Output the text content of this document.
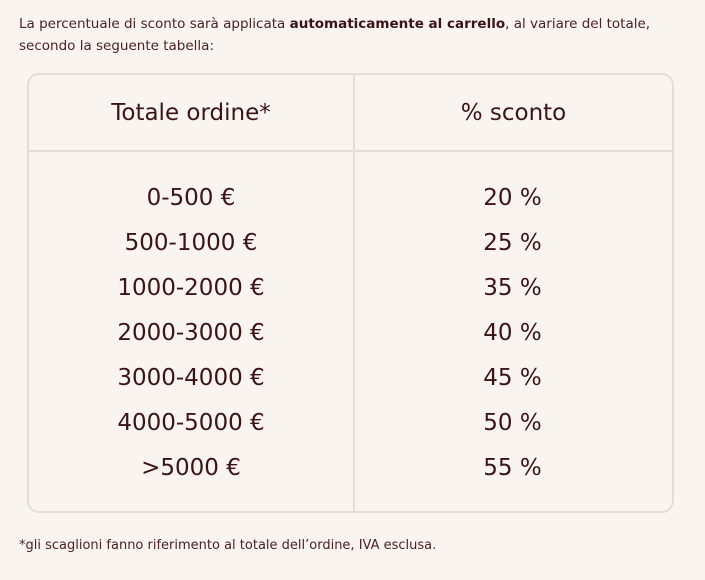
La percentuale di sconto sarà applicata automaticamente al carrello, al variare del totale, secondo la seguente tabella:

Totale ordine*	% sconto
0-500 €	20 %
500-1000 €	25 %
1000-2000 €	35 %
2000-3000 €	40 %
3000-4000 €	45 %
4000-5000 €	50 %
>5000 €	55 %

*gli scaglioni fanno riferimento al totale dell’ordine, IVA esclusa.
